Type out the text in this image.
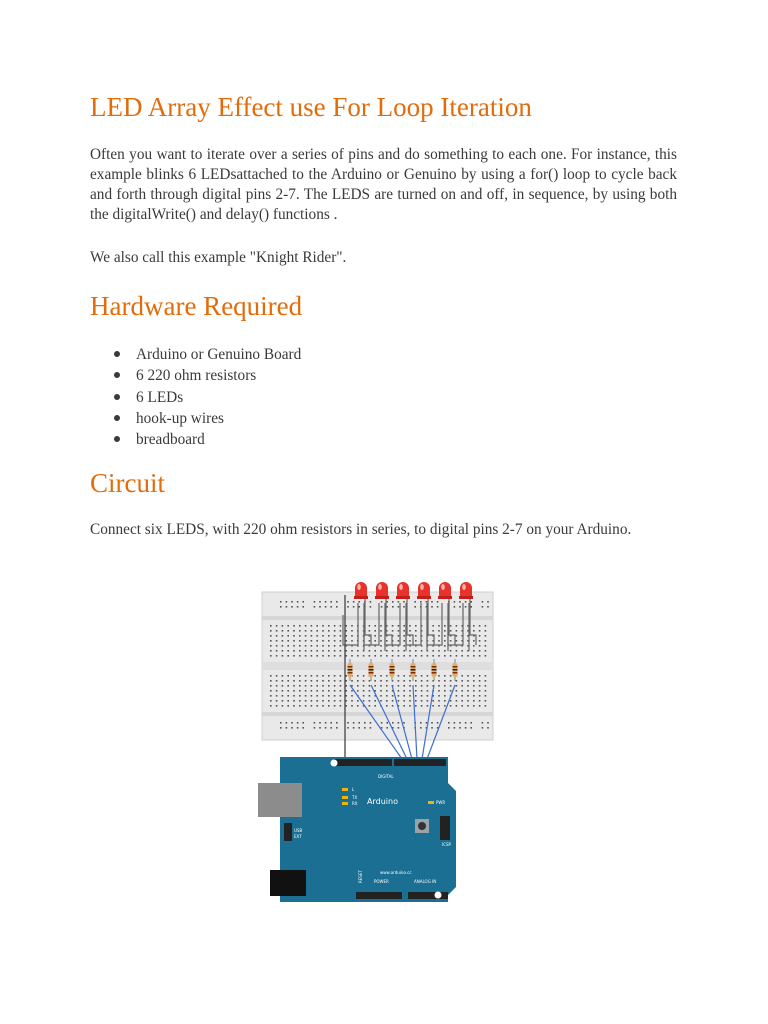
LED Array Effect use For Loop Iteration

Often you want to iterate over a series of pins and do something to each one. For instance, this example blinks 6 LEDsattached to the Arduino or Genuino by using a for() loop to cycle back and forth through digital pins 2-7. The LEDS are turned on and off, in sequence, by using both the digitalWrite() and delay() functions .

We also call this example "Knight Rider".

Hardware Required
Arduino or Genuino Board
6 220 ohm resistors
6 LEDs
hook-up wires
breadboard
Circuit

Connect six LEDS, with 220 ohm resistors in series, to digital pins 2-7 on your Arduino.

Arduino
DIGITAL
USB
EXT
L
TX
RX	PWR
ICSP
www.arduino.cc
POWER	ANALOG IN
RESET
